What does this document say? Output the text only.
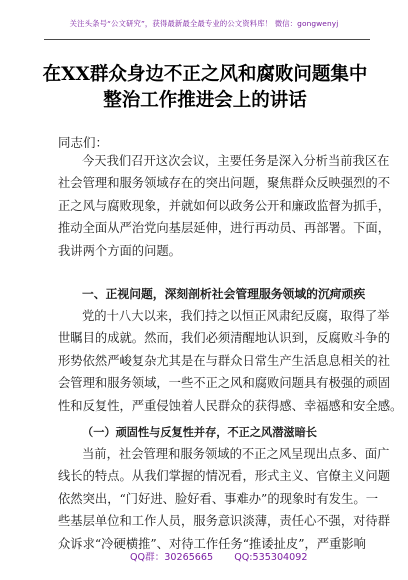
关注头条号“公文研究”，获得最新最全最专业的公文资料库！ 微信：gongwenyj
在XX群众身边不正之风和腐败问题集中
整治工作推进会上的讲话
同志们：
今天我们召开这次会议，主要任务是深入分析当前我区在
社会管理和服务领域存在的突出问题，聚焦群众反映强烈的不
正之风与腐败现象，并就如何以政务公开和廉政监督为抓手，
推动全面从严治党向基层延伸，进行再动员、再部署。下面，
我讲两个方面的问题。
一、正视问题，深刻剖析社会管理服务领域的沉疴顽疾
党的十八大以来，我们持之以恒正风肃纪反腐，取得了举
世瞩目的成就。然而，我们必须清醒地认识到，反腐败斗争的
形势依然严峻复杂尤其是在与群众日常生产生活息息相关的社
会管理和服务领域，一些不正之风和腐败问题具有极强的顽固
性和反复性，严重侵蚀着人民群众的获得感、幸福感和安全感。
（一）顽固性与反复性并存，不正之风潜滋暗长
当前，社会管理和服务领域的不正之风呈现出点多、面广
线长的特点。从我们掌握的情况看，形式主义、官僚主义问题
依然突出，“门好进、脸好看、事难办”的现象时有发生。一
些基层单位和工作人员，服务意识淡薄，责任心不强，对待群
众诉求“冷硬横推”、对待工作任务“推诿扯皮”，严重影响
QQ群：30265665 QQ:535304092
